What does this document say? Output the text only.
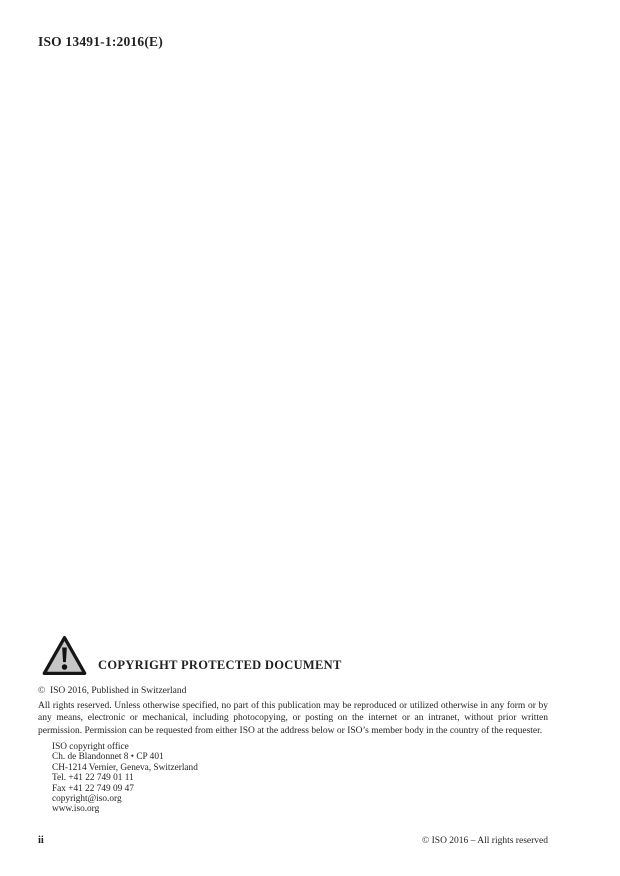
ISO 13491-1:2016(E)
COPYRIGHT PROTECTED DOCUMENT
©  ISO 2016, Published in Switzerland
All rights reserved. Unless otherwise specified, no part of this publication may be reproduced or utilized otherwise in any form or by any means, electronic or mechanical, including photocopying, or posting on the internet or an intranet, without prior written permission. Permission can be requested from either ISO at the address below or ISO’s member body in the country of the requester.
ISO copyright office
Ch. de Blandonnet 8 • CP 401
CH-1214 Vernier, Geneva, Switzerland
Tel. +41 22 749 01 11
Fax +41 22 749 09 47
copyright@iso.org
www.iso.org
ii	© ISO 2016 – All rights reserved
